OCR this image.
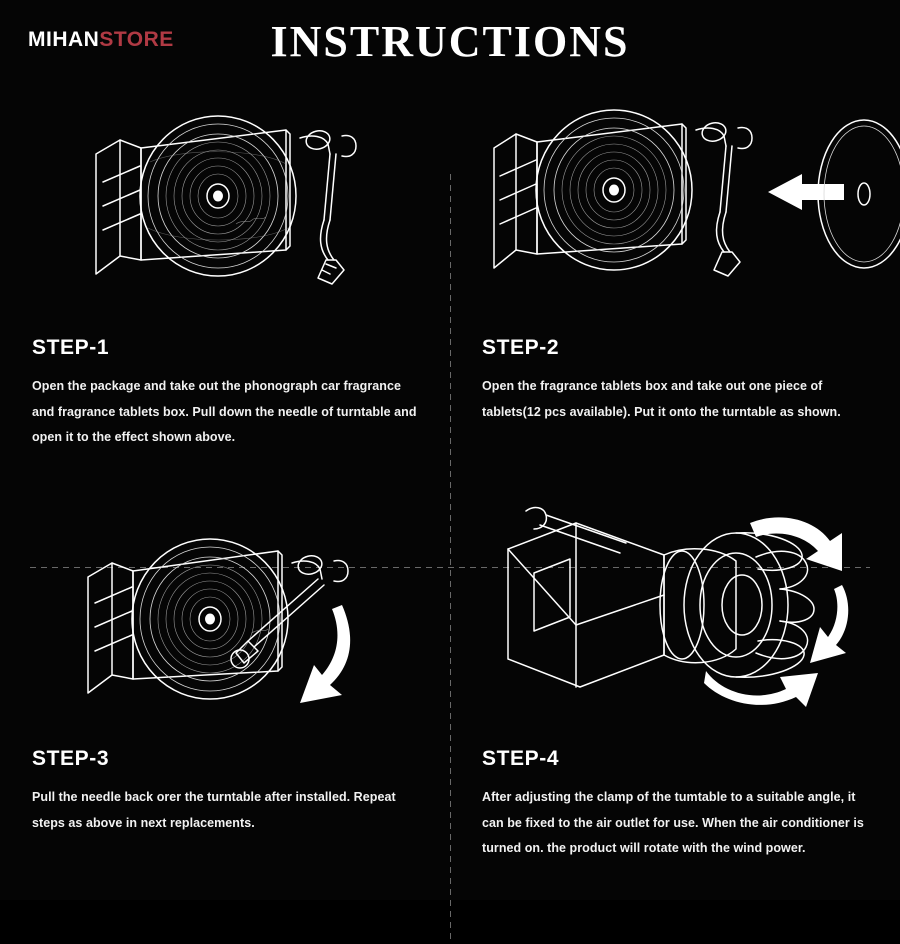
MIHANSTORE	INSTRUCTIONS
STEP-1
Open the package and take out the phonograph car fragrance and fragrance tablets box. Pull down the needle of turntable and open it to the effect shown above.
STEP-2
Open the fragrance tablets box and take out one piece of tablets(12 pcs available). Put it onto the turntable as shown.
STEP-3
Pull the needle back orer the turntable after installed. Repeat steps as above in next replacements.
STEP-4
After adjusting the clamp of the tumtable to a suitable angle, it can be fixed to the air outlet for use. When the air conditioner is turned on. the product will rotate with the wind power.
